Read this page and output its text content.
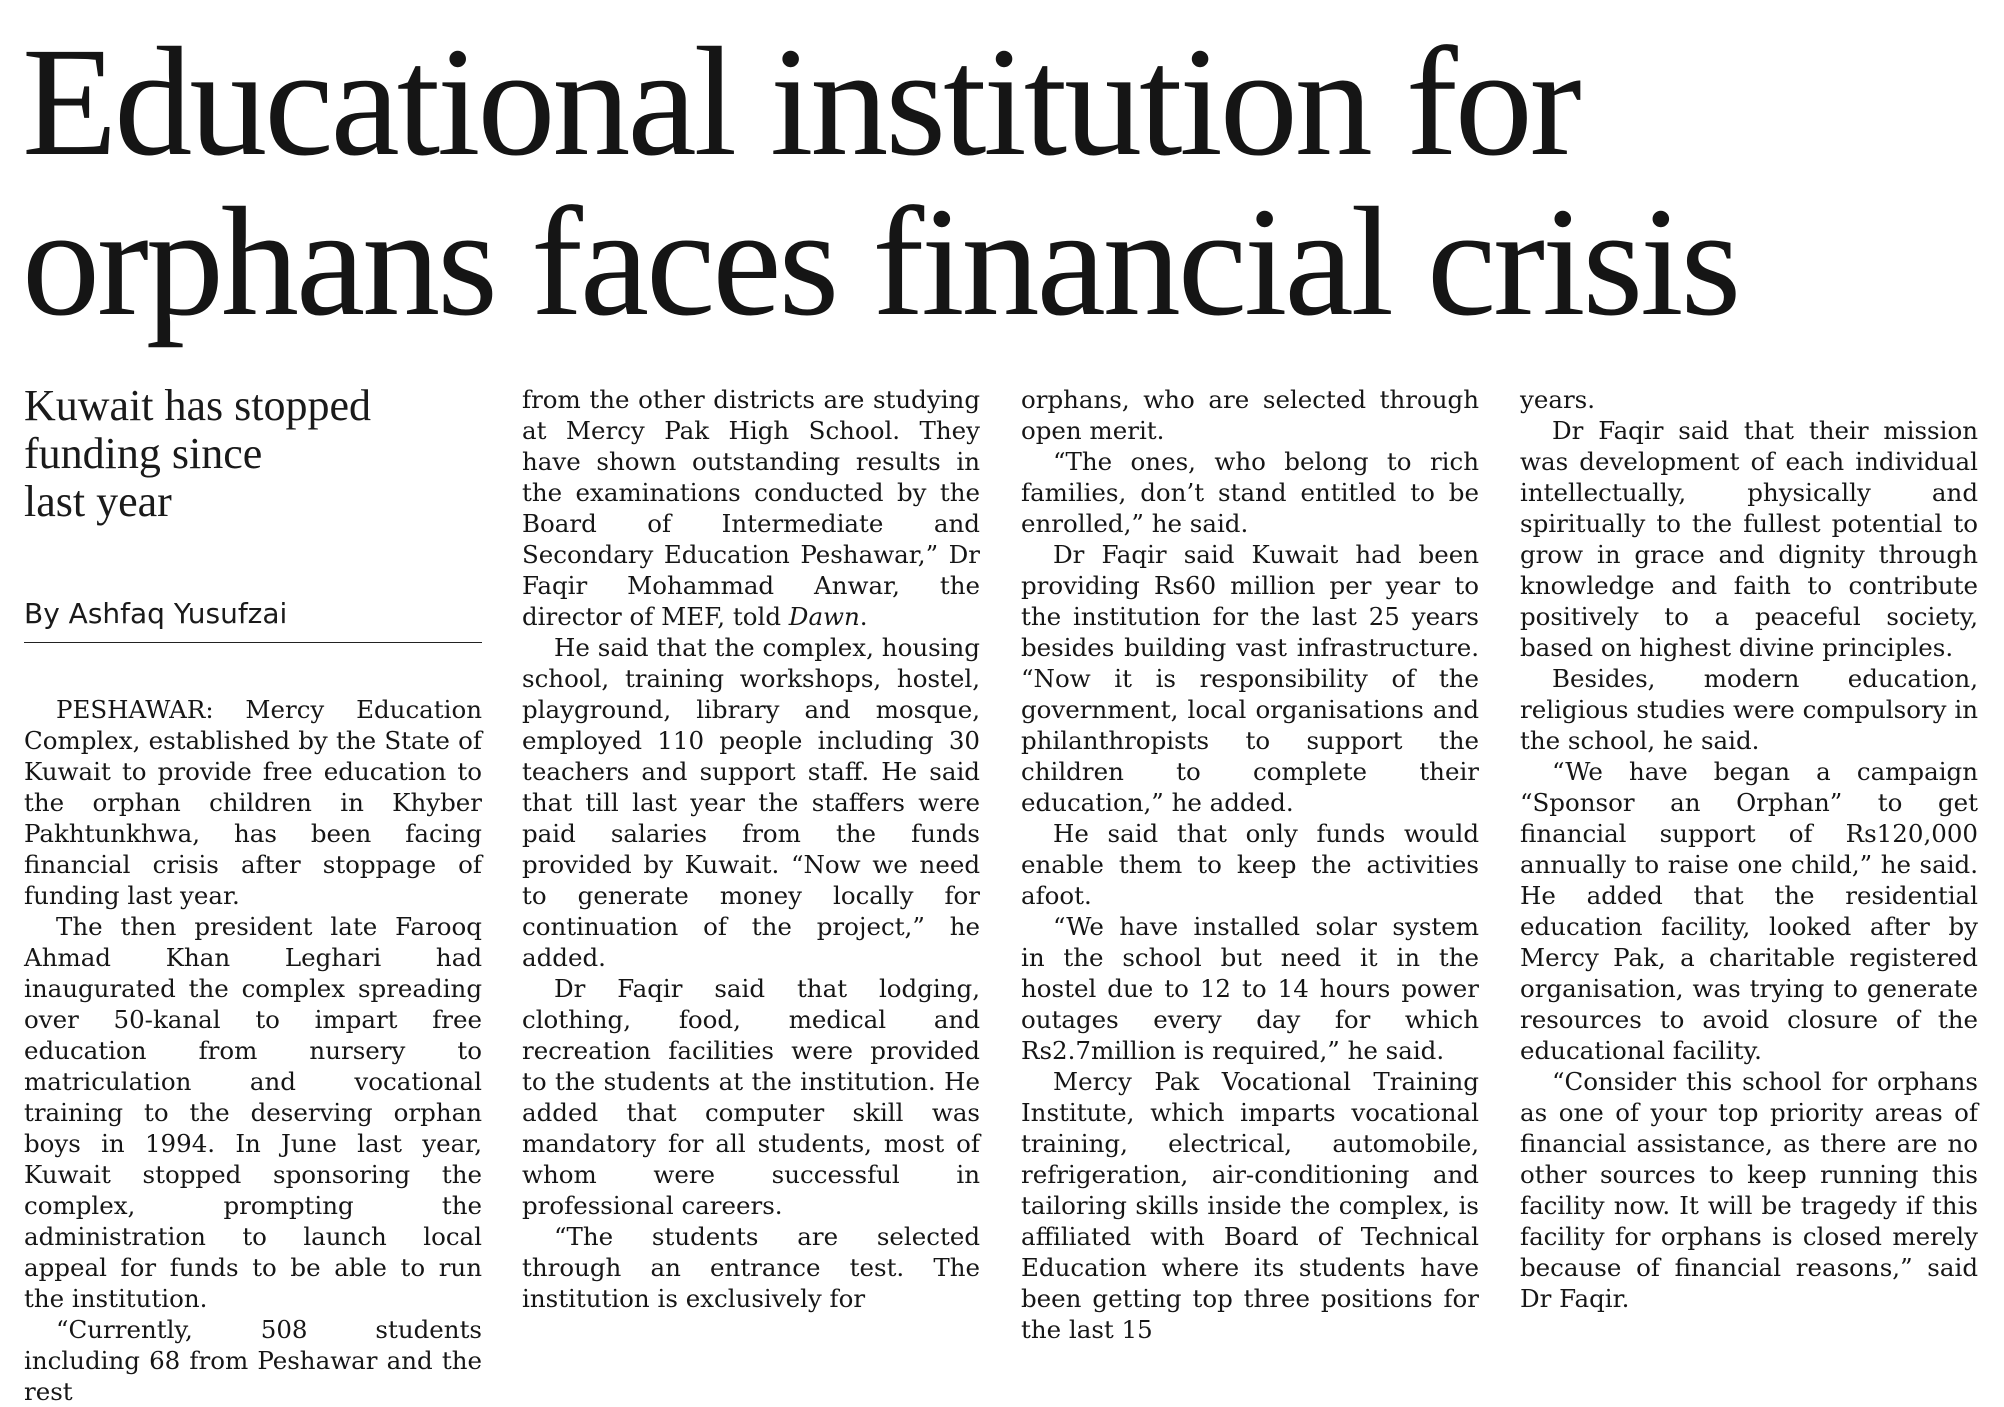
Educational institution for
orphans faces financial crisis
Kuwait has stopped
funding since
last year
By Ashfaq Yusufzai

PESHAWAR: Mercy Education Complex, established by the State of Kuwait to provide free education to the orphan children in Khyber Pakhtunkhwa, has been facing financial crisis after stoppage of funding last year.

The then president late Farooq Ahmad Khan Leghari had inaugurated the complex spreading over 50-kanal to impart free education from nursery to matriculation and vocational training to the deserving orphan boys in 1994. In June last year, Kuwait stopped sponsoring the complex, prompting the administration to launch local appeal for funds to be able to run the institution.

“Currently, 508 students including 68 from Peshawar and the rest

from the other districts are studying at Mercy Pak High School. They have shown outstanding results in the examinations conducted by the Board of Intermediate and Secondary Education Peshawar,” Dr Faqir Mohammad Anwar, the director of MEF, told Dawn.

He said that the complex, housing school, training workshops, hostel, playground, library and mosque, employed 110 people including 30 teachers and support staff. He said that till last year the staffers were paid salaries from the funds provided by Kuwait. “Now we need to generate money locally for continuation of the project,” he added.

Dr Faqir said that lodging, clothing, food, medical and recreation facilities were provided to the students at the institution. He added that computer skill was mandatory for all students, most of whom were successful in professional careers.

“The students are selected through an entrance test. The institution is exclusively for

orphans, who are selected through open merit.

“The ones, who belong to rich families, don’t stand entitled to be enrolled,” he said.

Dr Faqir said Kuwait had been providing Rs60 million per year to the institution for the last 25 years besides building vast infrastructure. “Now it is responsibility of the government, local organisations and philanthropists to support the children to complete their education,” he added.

He said that only funds would enable them to keep the activities afoot.

“We have installed solar system in the school but need it in the hostel due to 12 to 14 hours power outages every day for which Rs2.7million is required,” he said.

Mercy Pak Vocational Training Institute, which imparts vocational training, electrical, automobile, refrigeration, air-conditioning and tailoring skills inside the complex, is affiliated with Board of Technical Education where its students have been getting top three positions for the last 15

years.

Dr Faqir said that their mission was development of each individual intellectually, physically and spiritually to the fullest potential to grow in grace and dignity through knowledge and faith to contribute positively to a peaceful society, based on highest divine principles.

Besides, modern education, religious studies were compulsory in the school, he said.

“We have began a campaign “Sponsor an Orphan” to get financial support of Rs120,000 annually to raise one child,” he said. He added that the residential education facility, looked after by Mercy Pak, a charitable registered organisation, was trying to generate resources to avoid closure of the educational facility.

“Consider this school for orphans as one of your top priority areas of financial assistance, as there are no other sources to keep running this facility now. It will be tragedy if this facility for orphans is closed merely because of financial reasons,” said Dr Faqir.
